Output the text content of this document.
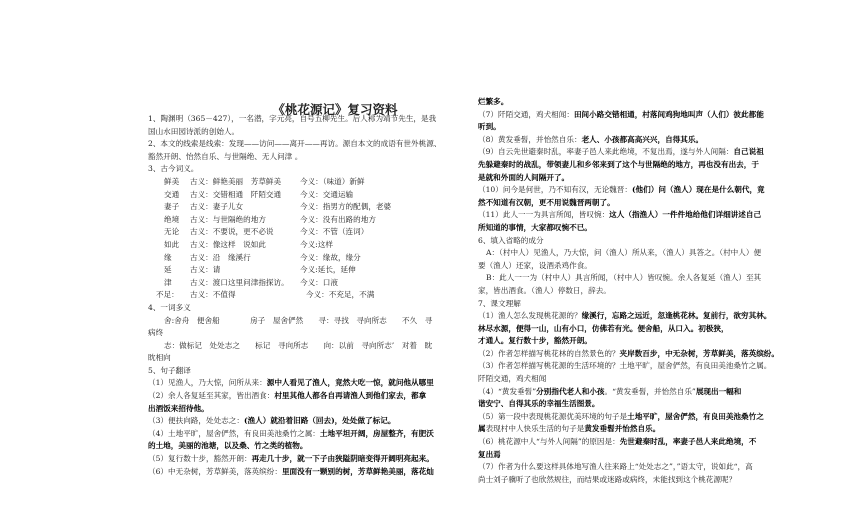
《桃花源记》复习资料
1、陶渊明（365－427），一名潜，字元亮，自号五柳先生。后人称为靖节先生，是我
国山水田园诗派的创始人。
2、本文的线索是线索：发现——访问——离开——再访。源自本文的成语有世外桃源、
豁然开朗、怡然自乐、与世隔绝、无人问津 。
3、古今词义。
鲜美 古义：鲜艳美丽　芳草鲜美 今义：（味道）新鲜
交通 古义：交错相通　阡陌交通 今义：交通运输
妻子 古义：妻子儿女	今义：指男方的配偶，老婆
绝境 古义：与世隔绝的地方	今义：没有出路的地方
无论 古义：不要说，更不必说	今义：不管（连词）
如此 古义：像这样　说如此	今义:这样
缘 古义：沿　缘溪行	今义：缘故，缘分
延 古义：请	今义:延长，延伸
津 古义：渡口这里问津指探访。 今义：口液
不足： 古义：不值得	今义：不充足，不满
4、一词多义
舍:舍舟　便舍船　　　　房子　屋舍俨然　　寻：寻找　寻向所志　　不久　寻
病终
志：做标记　处处志之　　标记　寻向所志　　向：以前　寻向所志’　对着　眈
眈相向
5、句子翻译
（1）见渔人，乃大惊，问所从来：源中人看见了渔人，竟然大吃一惊，就问他从哪里
（2）余人各复延至其家，皆出酒食：村里其他人都各自再请渔人到他们家去，都拿
出酒饭来招待他。
（3）便扶向路，处处志之：(渔人）就沿着旧路（回去)，处处做了标记。
（4）土地平旷，屋舍俨然，有良田美池桑竹之属：土地平坦开阔，房屋整齐，有肥沃
的土地，美丽的池塘，以及桑、竹之类的植物。
（5）复行数十步，豁然开朗：再走几十步，就一下子由狭隘阴暗变得开阔明亮起来。
（6）中无杂树，芳草鲜美，落英缤纷：里面没有一颗别的树，芳草鲜艳美丽，落花灿
烂繁多。
（7）阡陌交通，鸡犬相闻：田间小路交错相通，村落间鸡狗地叫声（人们）彼此都能
听到。
（8）黄发垂髫，并怡然自乐：老人、小孩都高高兴兴，自得其乐。
（9）自云先世避秦时乱，率妻子邑人来此绝境，不复出焉，遂与外人间隔：自己说祖
先躲避秦时的战乱，带领妻儿和乡邻来到了这个与世隔绝的地方，再也没有出去，于
是就和外面的人间隔开了。
（10）问今是何世，乃不知有汉，无论魏晋：(他们）问（渔人）现在是什么朝代，竟
然不知道有汉朝，更不用说魏晋两朝了。
（11）此人一一为具言所闻，皆叹惋：这人（指渔人）一件件地给他们详细讲述自己
所知道的事情，大家都叹惋不已。
6、填入省略的成分
A：（村中人）见渔人，乃大惊，问（渔人）所从来，（渔人）具答之。（村中人）便
要（渔人）还家，设酒杀鸡作食。
B：此人一一为（村中人）具言所闻，（村中人）皆叹惋。余人各复延（渔人）至其
家，皆出酒食。（渔人）停数日，辞去。
7、课文理解
（1）渔人怎么发现桃花源的？缘溪行，忘路之远近，忽逢桃花林。复前行，欲穷其林。
林尽水源，便得一山，山有小口，仿佛若有光。便舍船，从口入。初极狭，
才通人。复行数十步，豁然开朗。
（2）作者怎样描写桃花林的自然景色的？夹岸数百步，中无杂树，芳草鲜美，落英缤纷。
（3）作者怎样描写桃花源的生活环境的？土地平旷，屋舍俨然，有良田美池桑竹之属。
阡陌交通，鸡犬相闻
（4）“黄发垂髫”分别指代老人和小孩。“黄发垂髫，并怡然自乐”展现出一幅和
谐安宁、自得其乐的幸福生活图景。
（5）第一段中表现桃花源优美环境的句子是土地平旷，屋舍俨然，有良田美池桑竹之
属表现村中人快乐生活的句子是黄发垂髫并怡然自乐。
（6）桃花源中人“与外人间隔”的原因是：先世避秦时乱，率妻子邑人来此绝境，不
复出焉
（7）作者为什么要这样具体地写渔人往来路上“处处志之”，”语太守，说如此“，高
尚士刘子骥听了也欣然规往，而结果或迷路或病终，未能找到这个桃花源呢？
